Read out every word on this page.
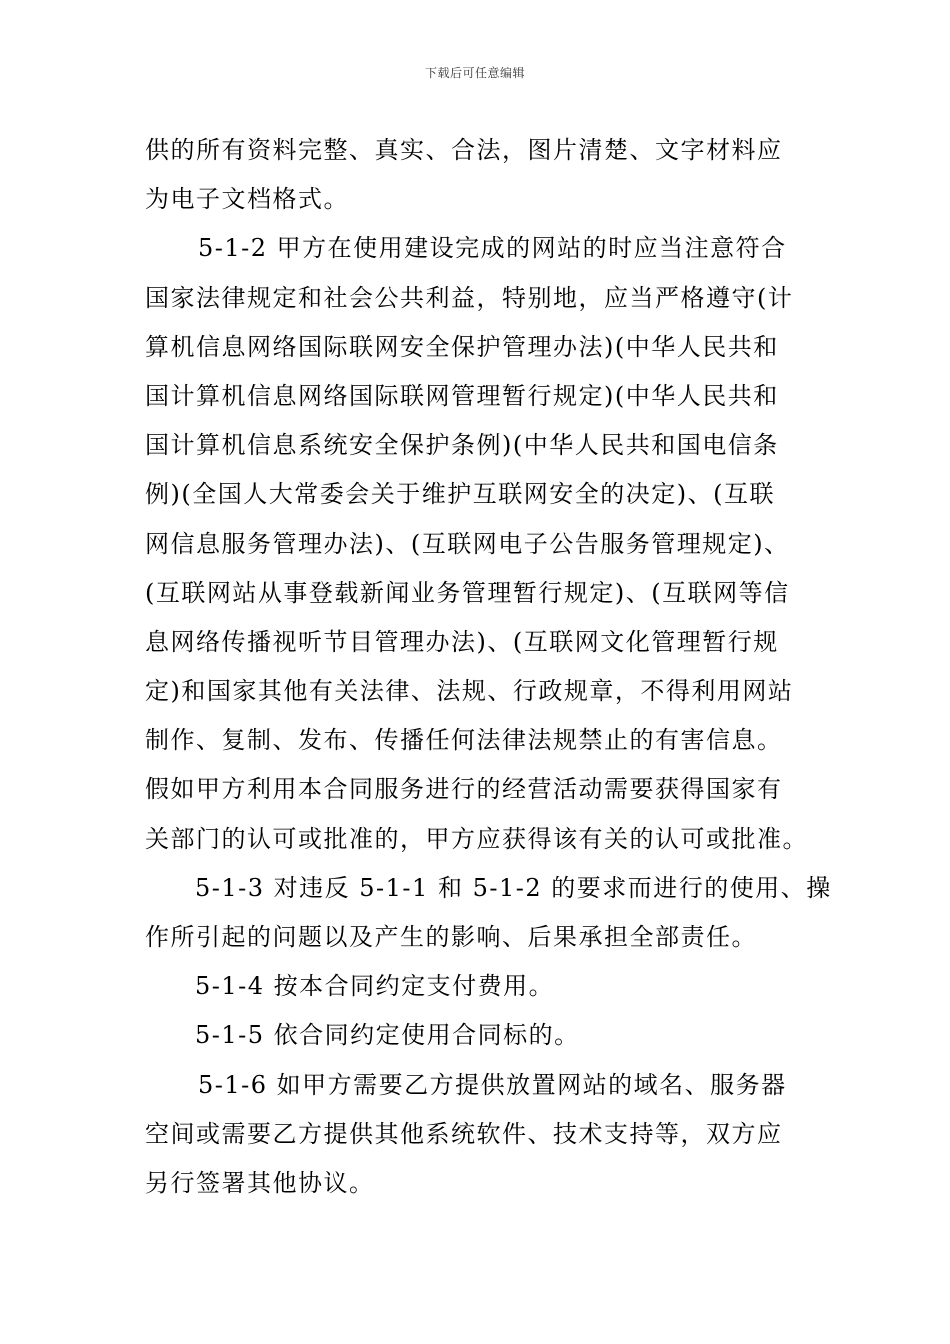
下载后可任意编辑
供的所有资料完整、真实、合法，图片清楚、文字材料应
为电子文档格式。
5-1-2 甲方在使用建设完成的网站的时应当注意符合
国家法律规定和社会公共利益，特别地，应当严格遵守(计
算机信息网络国际联网安全保护管理办法)(中华人民共和
国计算机信息网络国际联网管理暂行规定)(中华人民共和
国计算机信息系统安全保护条例)(中华人民共和国电信条
例)(全国人大常委会关于维护互联网安全的决定)、(互联
网信息服务管理办法)、(互联网电子公告服务管理规定)、
(互联网站从事登载新闻业务管理暂行规定)、(互联网等信
息网络传播视听节目管理办法)、(互联网文化管理暂行规
定)和国家其他有关法律、法规、行政规章，不得利用网站
制作、复制、发布、传播任何法律法规禁止的有害信息。
假如甲方利用本合同服务进行的经营活动需要获得国家有
关部门的认可或批准的，甲方应获得该有关的认可或批准。
5-1-3 对违反 5-1-1 和 5-1-2 的要求而进行的使用、操
作所引起的问题以及产生的影响、后果承担全部责任。
5-1-4 按本合同约定支付费用。
5-1-5 依合同约定使用合同标的。
5-1-6 如甲方需要乙方提供放置网站的域名、服务器
空间或需要乙方提供其他系统软件、技术支持等，双方应
另行签署其他协议。
